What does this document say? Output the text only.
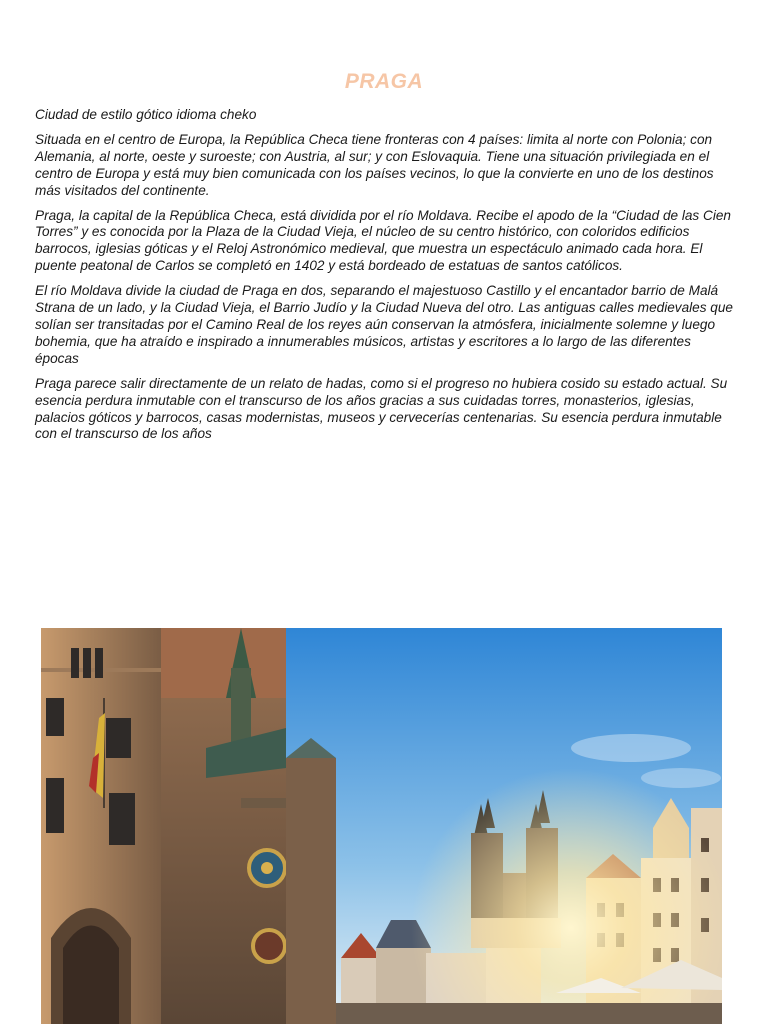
PRAGA

Ciudad de estilo gótico idioma cheko

Situada en el centro de Europa, la República Checa tiene fronteras con 4 países: limita al norte con Polonia; con Alemania, al norte, oeste y suroeste; con Austria, al sur; y con Eslovaquia. Tiene una situación privilegiada en el centro de Europa y está muy bien comunicada con los países vecinos, lo que la convierte en uno de los destinos más visitados del continente.

Praga, la capital de la República Checa, está dividida por el río Moldava. Recibe el apodo de la “Ciudad de las Cien Torres” y es conocida por la Plaza de la Ciudad Vieja, el núcleo de su centro histórico, con coloridos edificios barrocos, iglesias góticas y el Reloj Astronómico medieval, que muestra un espectáculo animado cada hora. El puente peatonal de Carlos se completó en 1402 y está bordeado de estatuas de santos católicos.

El río Moldava divide la ciudad de Praga en dos, separando el majestuoso Castillo y el encantador barrio de Malá Strana de un lado, y la Ciudad Vieja, el Barrio Judío y la Ciudad Nueva del otro. Las antiguas calles medievales que solían ser transitadas por el Camino Real de los reyes aún conservan la atmósfera, inicialmente solemne y luego bohemia, que ha atraído e inspirado a innumerables músicos, artistas y escritores a lo largo de las diferentes épocas

Praga parece salir directamente de un relato de hadas, como si el progreso no hubiera cosido su estado actual. Su esencia perdura inmutable con el transcurso de los años gracias a sus cuidadas torres, monasterios, iglesias, palacios góticos y barrocos, casas modernistas, museos y cervecerías centenarias. Su esencia perdura inmutable con el transcurso de los años
